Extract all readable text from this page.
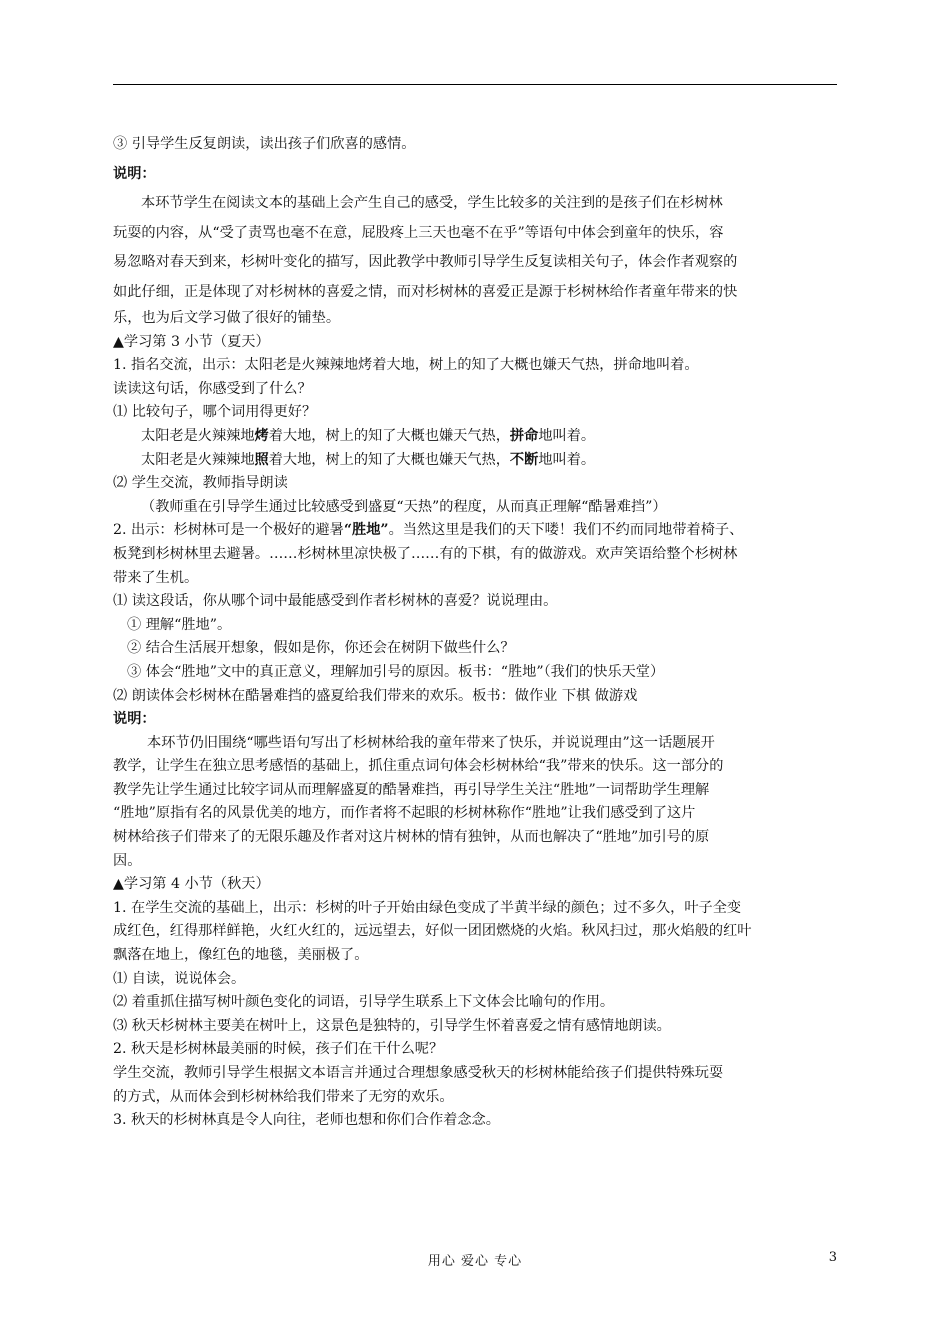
③ 引导学生反复朗读，读出孩子们欣喜的感情。
说明：
本环节学生在阅读文本的基础上会产生自己的感受，学生比较多的关注到的是孩子们在杉树林
玩耍的内容，从“受了责骂也毫不在意，屁股疼上三天也毫不在乎”等语句中体会到童年的快乐，容
易忽略对春天到来，杉树叶变化的描写，因此教学中教师引导学生反复读相关句子，体会作者观察的
如此仔细，正是体现了对杉树林的喜爱之情，而对杉树林的喜爱正是源于杉树林给作者童年带来的快
乐，也为后文学习做了很好的铺垫。
▲学习第 3 小节（夏天）
1. 指名交流，出示：太阳老是火辣辣地烤着大地，树上的知了大概也嫌天气热，拼命地叫着。
读读这句话，你感受到了什么？
⑴ 比较句子，哪个词用得更好？
太阳老是火辣辣地烤着大地，树上的知了大概也嫌天气热，拼命地叫着。
太阳老是火辣辣地照着大地，树上的知了大概也嫌天气热，不断地叫着。
⑵ 学生交流，教师指导朗读
（教师重在引导学生通过比较感受到盛夏“天热”的程度，从而真正理解“酷暑难挡”）
2. 出示：杉树林可是一个极好的避暑“胜地”。当然这里是我们的天下喽！我们不约而同地带着椅子、
板凳到杉树林里去避暑。……杉树林里凉快极了……有的下棋，有的做游戏。欢声笑语给整个杉树林
带来了生机。
⑴ 读这段话，你从哪个词中最能感受到作者杉树林的喜爱？说说理由。
① 理解“胜地”。
② 结合生活展开想象，假如是你，你还会在树阴下做些什么？
③ 体会“胜地”文中的真正意义，理解加引号的原因。板书：“胜地”（我们的快乐天堂）
⑵ 朗读体会杉树林在酷暑难挡的盛夏给我们带来的欢乐。板书：做作业 下棋 做游戏
说明：
本环节仍旧围绕“哪些语句写出了杉树林给我的童年带来了快乐，并说说理由”这一话题展开
教学，让学生在独立思考感悟的基础上，抓住重点词句体会杉树林给“我”带来的快乐。这一部分的
教学先让学生通过比较字词从而理解盛夏的酷暑难挡，再引导学生关注“胜地”一词帮助学生理解
“胜地”原指有名的风景优美的地方，而作者将不起眼的杉树林称作“胜地”让我们感受到了这片
树林给孩子们带来了的无限乐趣及作者对这片树林的情有独钟，从而也解决了“胜地”加引号的原
因。
▲学习第 4 小节（秋天）
1. 在学生交流的基础上，出示：杉树的叶子开始由绿色变成了半黄半绿的颜色；过不多久，叶子全变
成红色，红得那样鲜艳，火红火红的，远远望去，好似一团团燃烧的火焰。秋风扫过，那火焰般的红叶
飘落在地上，像红色的地毯，美丽极了。
⑴ 自读，说说体会。
⑵ 着重抓住描写树叶颜色变化的词语，引导学生联系上下文体会比喻句的作用。
⑶ 秋天杉树林主要美在树叶上，这景色是独特的，引导学生怀着喜爱之情有感情地朗读。
2. 秋天是杉树林最美丽的时候，孩子们在干什么呢？
学生交流，教师引导学生根据文本语言并通过合理想象感受秋天的杉树林能给孩子们提供特殊玩耍
的方式，从而体会到杉树林给我们带来了无穷的欢乐。
3. 秋天的杉树林真是令人向往，老师也想和你们合作着念念。
用心 爱心 专心	3
